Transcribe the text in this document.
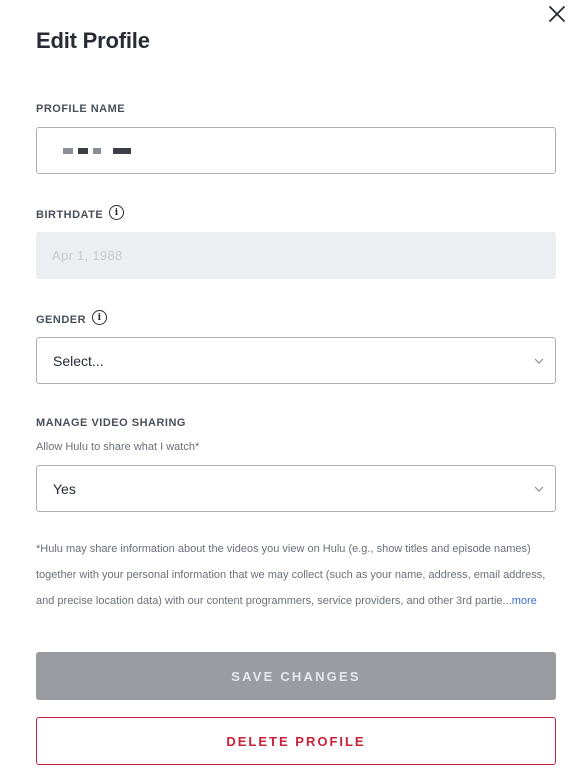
Edit Profile
PROFILE NAME
BIRTHDATE	i
Apr 1, 1988
GENDER	i
Select...
MANAGE VIDEO SHARING
Allow Hulu to share what I watch*
Yes
*Hulu may share information about the videos you view on Hulu (e.g., show titles and episode names) together with your personal information that we may collect (such as your name, address, email address, and precise location data) with our content programmers, service providers, and other 3rd partie...more
SAVE CHANGES
DELETE PROFILE
